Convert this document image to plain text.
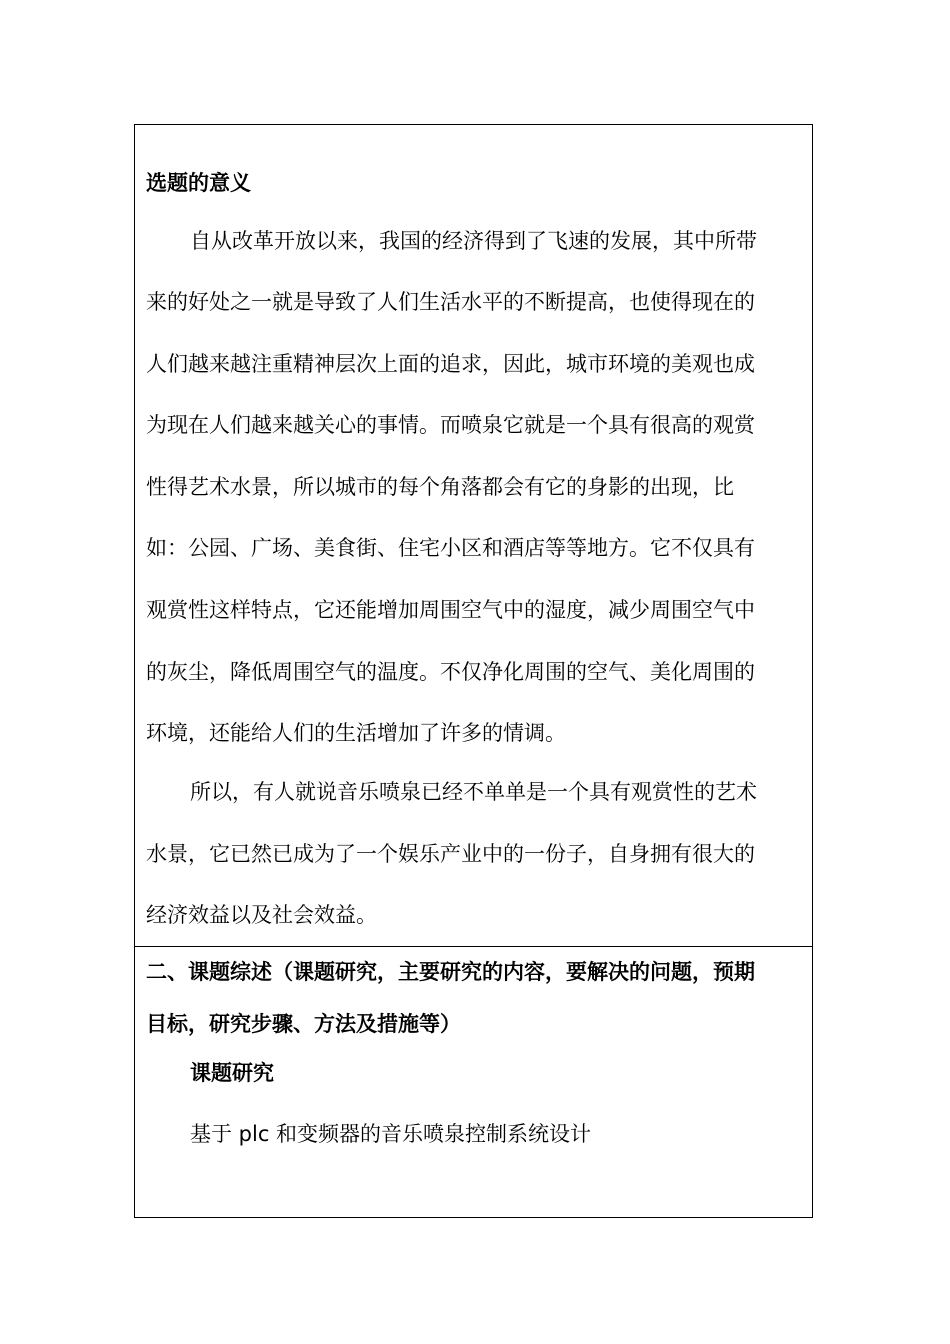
选题的意义
自从改革开放以来，我国的经济得到了飞速的发展，其中所带
来的好处之一就是导致了人们生活水平的不断提高，也使得现在的
人们越来越注重精神层次上面的追求，因此，城市环境的美观也成
为现在人们越来越关心的事情。而喷泉它就是一个具有很高的观赏
性得艺术水景，所以城市的每个角落都会有它的身影的出现，比
如：公园、广场、美食街、住宅小区和酒店等等地方。它不仅具有
观赏性这样特点，它还能增加周围空气中的湿度，减少周围空气中
的灰尘，降低周围空气的温度。不仅净化周围的空气、美化周围的
环境，还能给人们的生活增加了许多的情调。
所以，有人就说音乐喷泉已经不单单是一个具有观赏性的艺术
水景，它已然已成为了一个娱乐产业中的一份子，自身拥有很大的
经济效益以及社会效益。
二、课题综述（课题研究，主要研究的内容，要解决的问题，预期
目标，研究步骤、方法及措施等）
课题研究
基于 plc 和变频器的音乐喷泉控制系统设计
